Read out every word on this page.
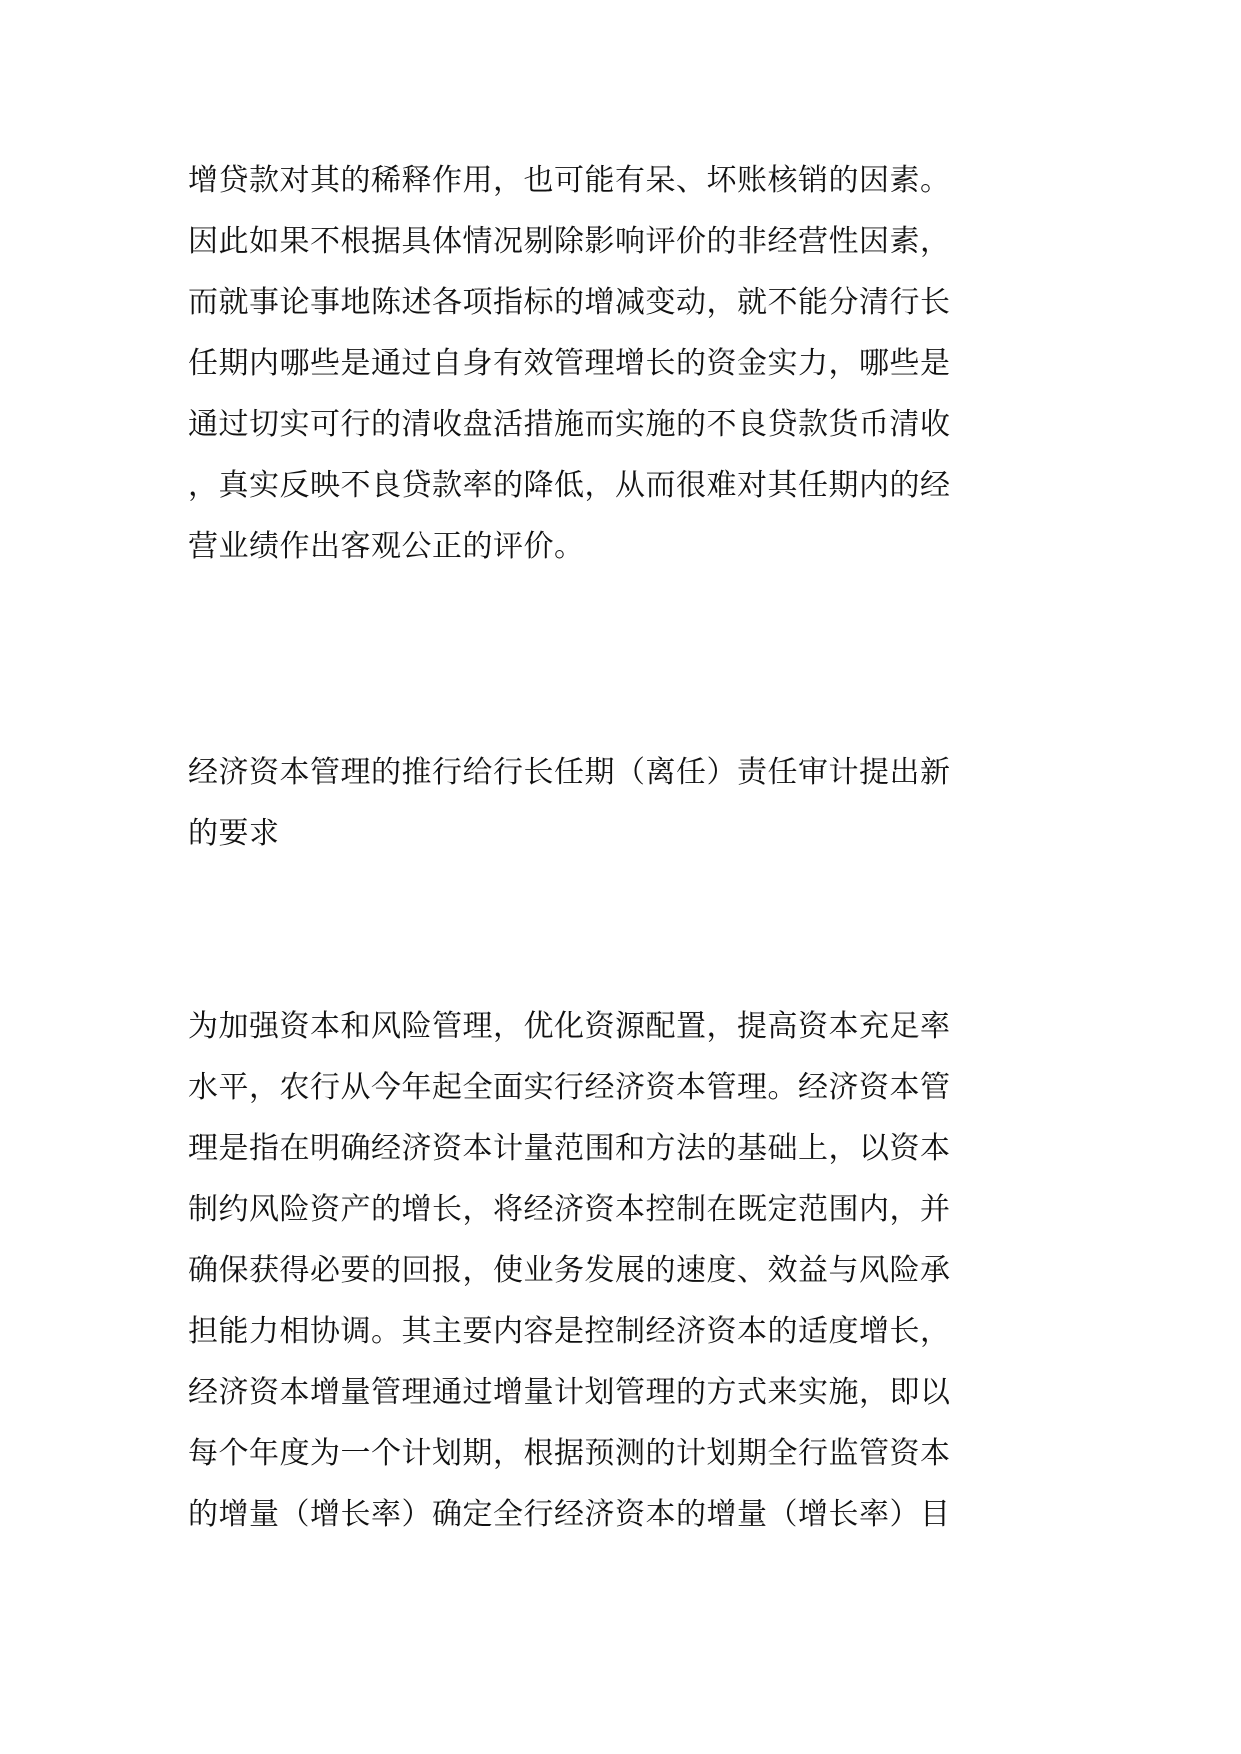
增贷款对其的稀释作用，也可能有呆、坏账核销的因素。
因此如果不根据具体情况剔除影响评价的非经营性因素，
而就事论事地陈述各项指标的增减变动，就不能分清行长
任期内哪些是通过自身有效管理增长的资金实力，哪些是
通过切实可行的清收盘活措施而实施的不良贷款货币清收
，真实反映不良贷款率的降低，从而很难对其任期内的经
营业绩作出客观公正的评价。
经济资本管理的推行给行长任期（离任）责任审计提出新
的要求
为加强资本和风险管理，优化资源配置，提高资本充足率
水平，农行从今年起全面实行经济资本管理。经济资本管
理是指在明确经济资本计量范围和方法的基础上，以资本
制约风险资产的增长，将经济资本控制在既定范围内，并
确保获得必要的回报，使业务发展的速度、效益与风险承
担能力相协调。其主要内容是控制经济资本的适度增长，
经济资本增量管理通过增量计划管理的方式来实施，即以
每个年度为一个计划期，根据预测的计划期全行监管资本
的增量（增长率）确定全行经济资本的增量（增长率）目
